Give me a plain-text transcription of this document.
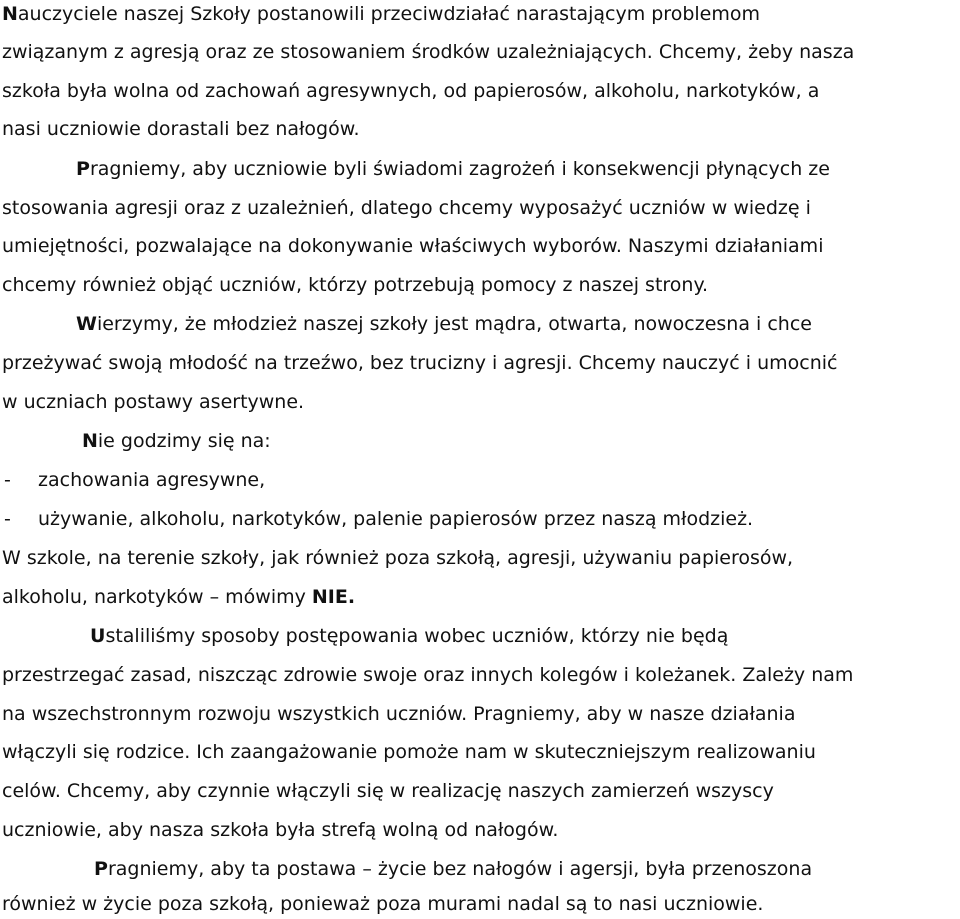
Nauczyciele naszej Szkoły postanowili przeciwdziałać narastającym problemom
związanym z agresją oraz ze stosowaniem środków uzależniających. Chcemy, żeby nasza
szkoła była wolna od zachowań agresywnych, od papierosów, alkoholu, narkotyków, a
nasi uczniowie dorastali bez nałogów.
Pragniemy, aby uczniowie byli świadomi zagrożeń i konsekwencji płynących ze
stosowania agresji oraz z uzależnień, dlatego chcemy wyposażyć uczniów w wiedzę i
umiejętności, pozwalające na dokonywanie właściwych wyborów. Naszymi działaniami
chcemy również objąć uczniów, którzy potrzebują pomocy z naszej strony.
Wierzymy, że młodzież naszej szkoły jest mądra, otwarta, nowoczesna i chce
przeżywać swoją młodość na trzeźwo, bez trucizny i agresji. Chcemy nauczyć i umocnić
w uczniach postawy asertywne.
Nie godzimy się na:
- zachowania agresywne,
- używanie, alkoholu, narkotyków, palenie papierosów przez naszą młodzież.
W szkole, na terenie szkoły, jak również poza szkołą, agresji, używaniu papierosów,
alkoholu, narkotyków – mówimy NIE.
Ustaliliśmy sposoby postępowania wobec uczniów, którzy nie będą
przestrzegać zasad, niszcząc zdrowie swoje oraz innych kolegów i koleżanek. Zależy nam
na wszechstronnym rozwoju wszystkich uczniów. Pragniemy, aby w nasze działania
włączyli się rodzice. Ich zaangażowanie pomoże nam w skuteczniejszym realizowaniu
celów. Chcemy, aby czynnie włączyli się w realizację naszych zamierzeń wszyscy
uczniowie, aby nasza szkoła była strefą wolną od nałogów.
Pragniemy, aby ta postawa – życie bez nałogów i agersji, była przenoszona
również w życie poza szkołą, ponieważ poza murami nadal są to nasi uczniowie.
